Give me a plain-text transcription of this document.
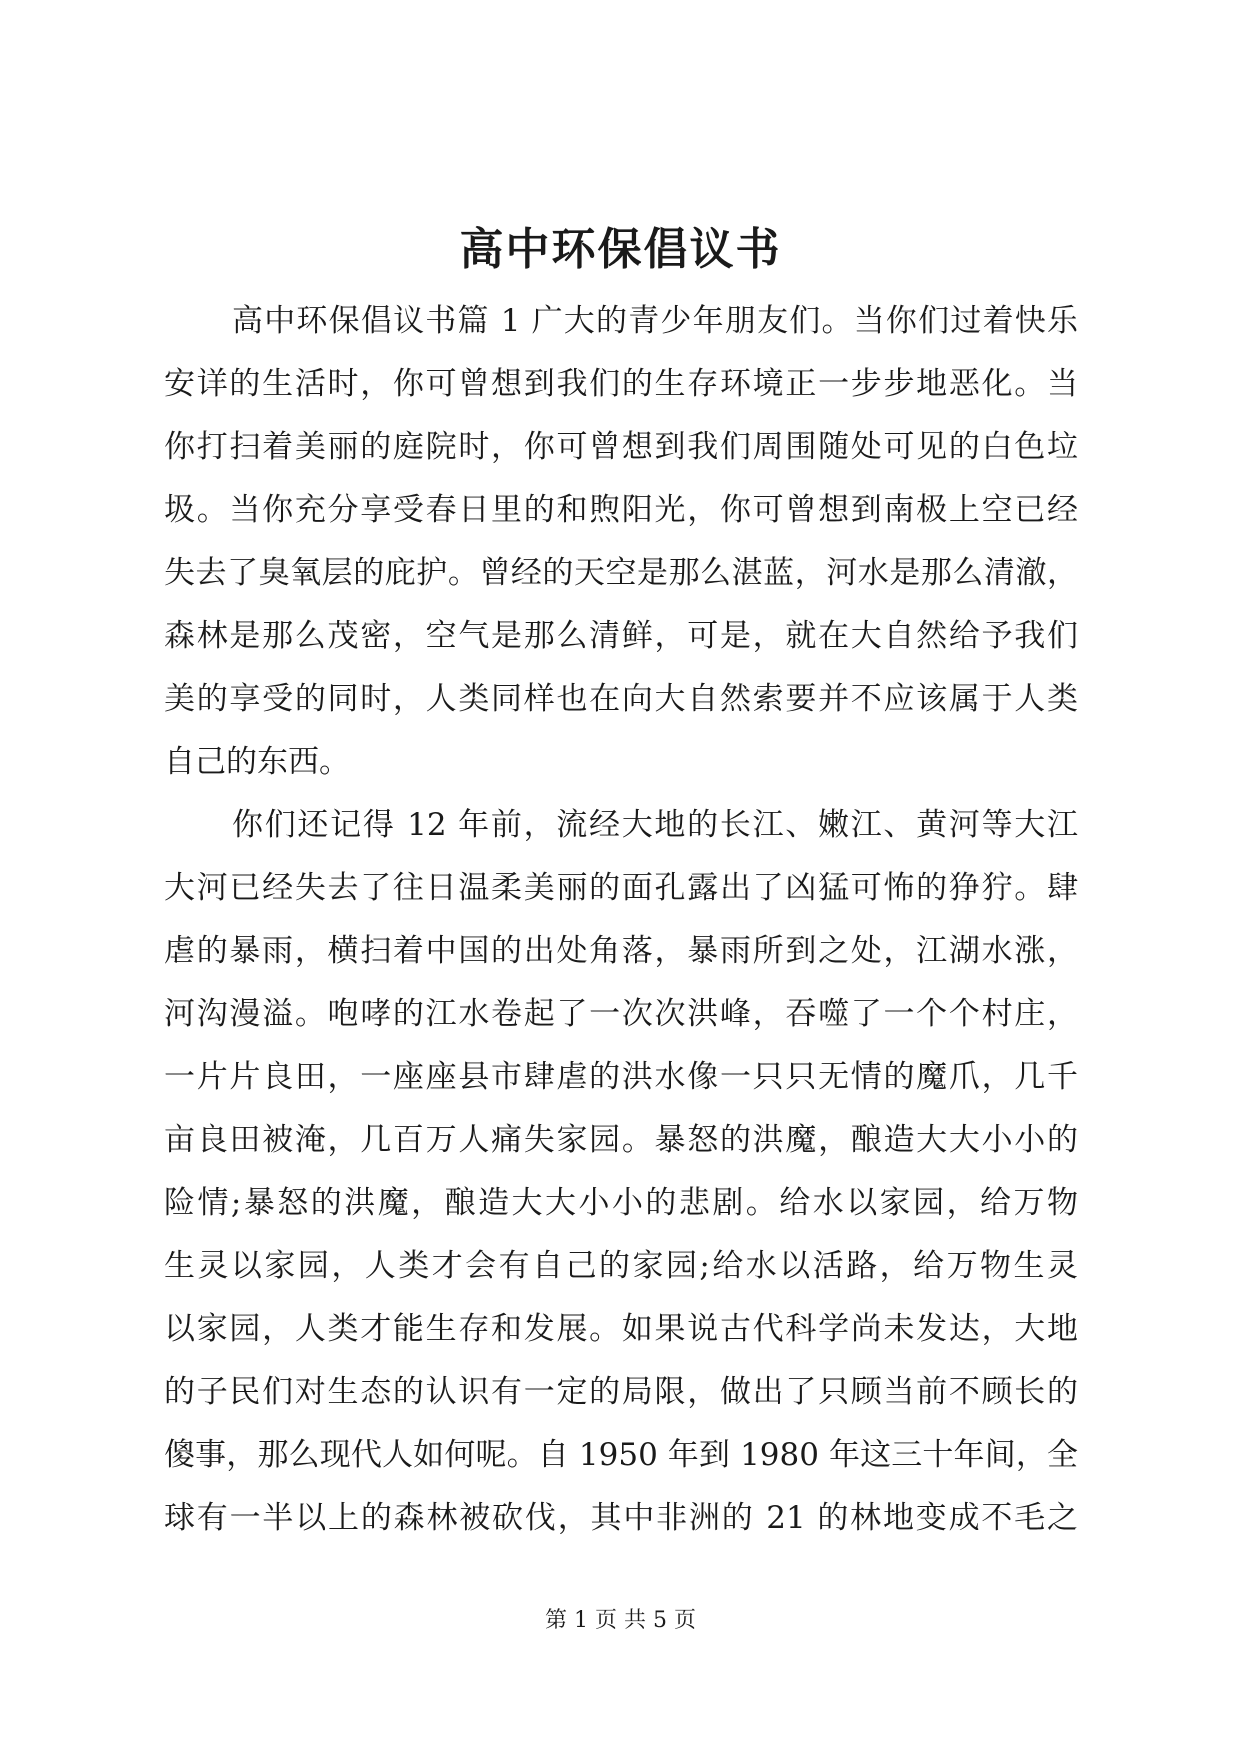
高中环保倡议书
高中环保倡议书篇 1 广大的青少年朋友们。当你们过着快乐
安详的生活时，你可曾想到我们的生存环境正一步步地恶化。当
你打扫着美丽的庭院时，你可曾想到我们周围随处可见的白色垃
圾。当你充分享受春日里的和煦阳光，你可曾想到南极上空已经
失去了臭氧层的庇护。曾经的天空是那么湛蓝，河水是那么清澈，
森林是那么茂密，空气是那么清鲜，可是，就在大自然给予我们
美的享受的同时，人类同样也在向大自然索要并不应该属于人类
自己的东西。
你们还记得 12 年前，流经大地的长江、嫩江、黄河等大江
大河已经失去了往日温柔美丽的面孔露出了凶猛可怖的狰狞。肆
虐的暴雨，横扫着中国的出处角落，暴雨所到之处，江湖水涨，
河沟漫溢。咆哮的江水卷起了一次次洪峰，吞噬了一个个村庄，
一片片良田，一座座县市肆虐的洪水像一只只无情的魔爪，几千
亩良田被淹，几百万人痛失家园。暴怒的洪魔，酿造大大小小的
险情;暴怒的洪魔，酿造大大小小的悲剧。给水以家园，给万物
生灵以家园，人类才会有自己的家园;给水以活路，给万物生灵
以家园，人类才能生存和发展。如果说古代科学尚未发达，大地
的子民们对生态的认识有一定的局限，做出了只顾当前不顾长的
傻事，那么现代人如何呢。自 1950 年到 1980 年这三十年间，全
球有一半以上的森林被砍伐，其中非洲的 21 的林地变成不毛之
第 1 页 共 5 页
